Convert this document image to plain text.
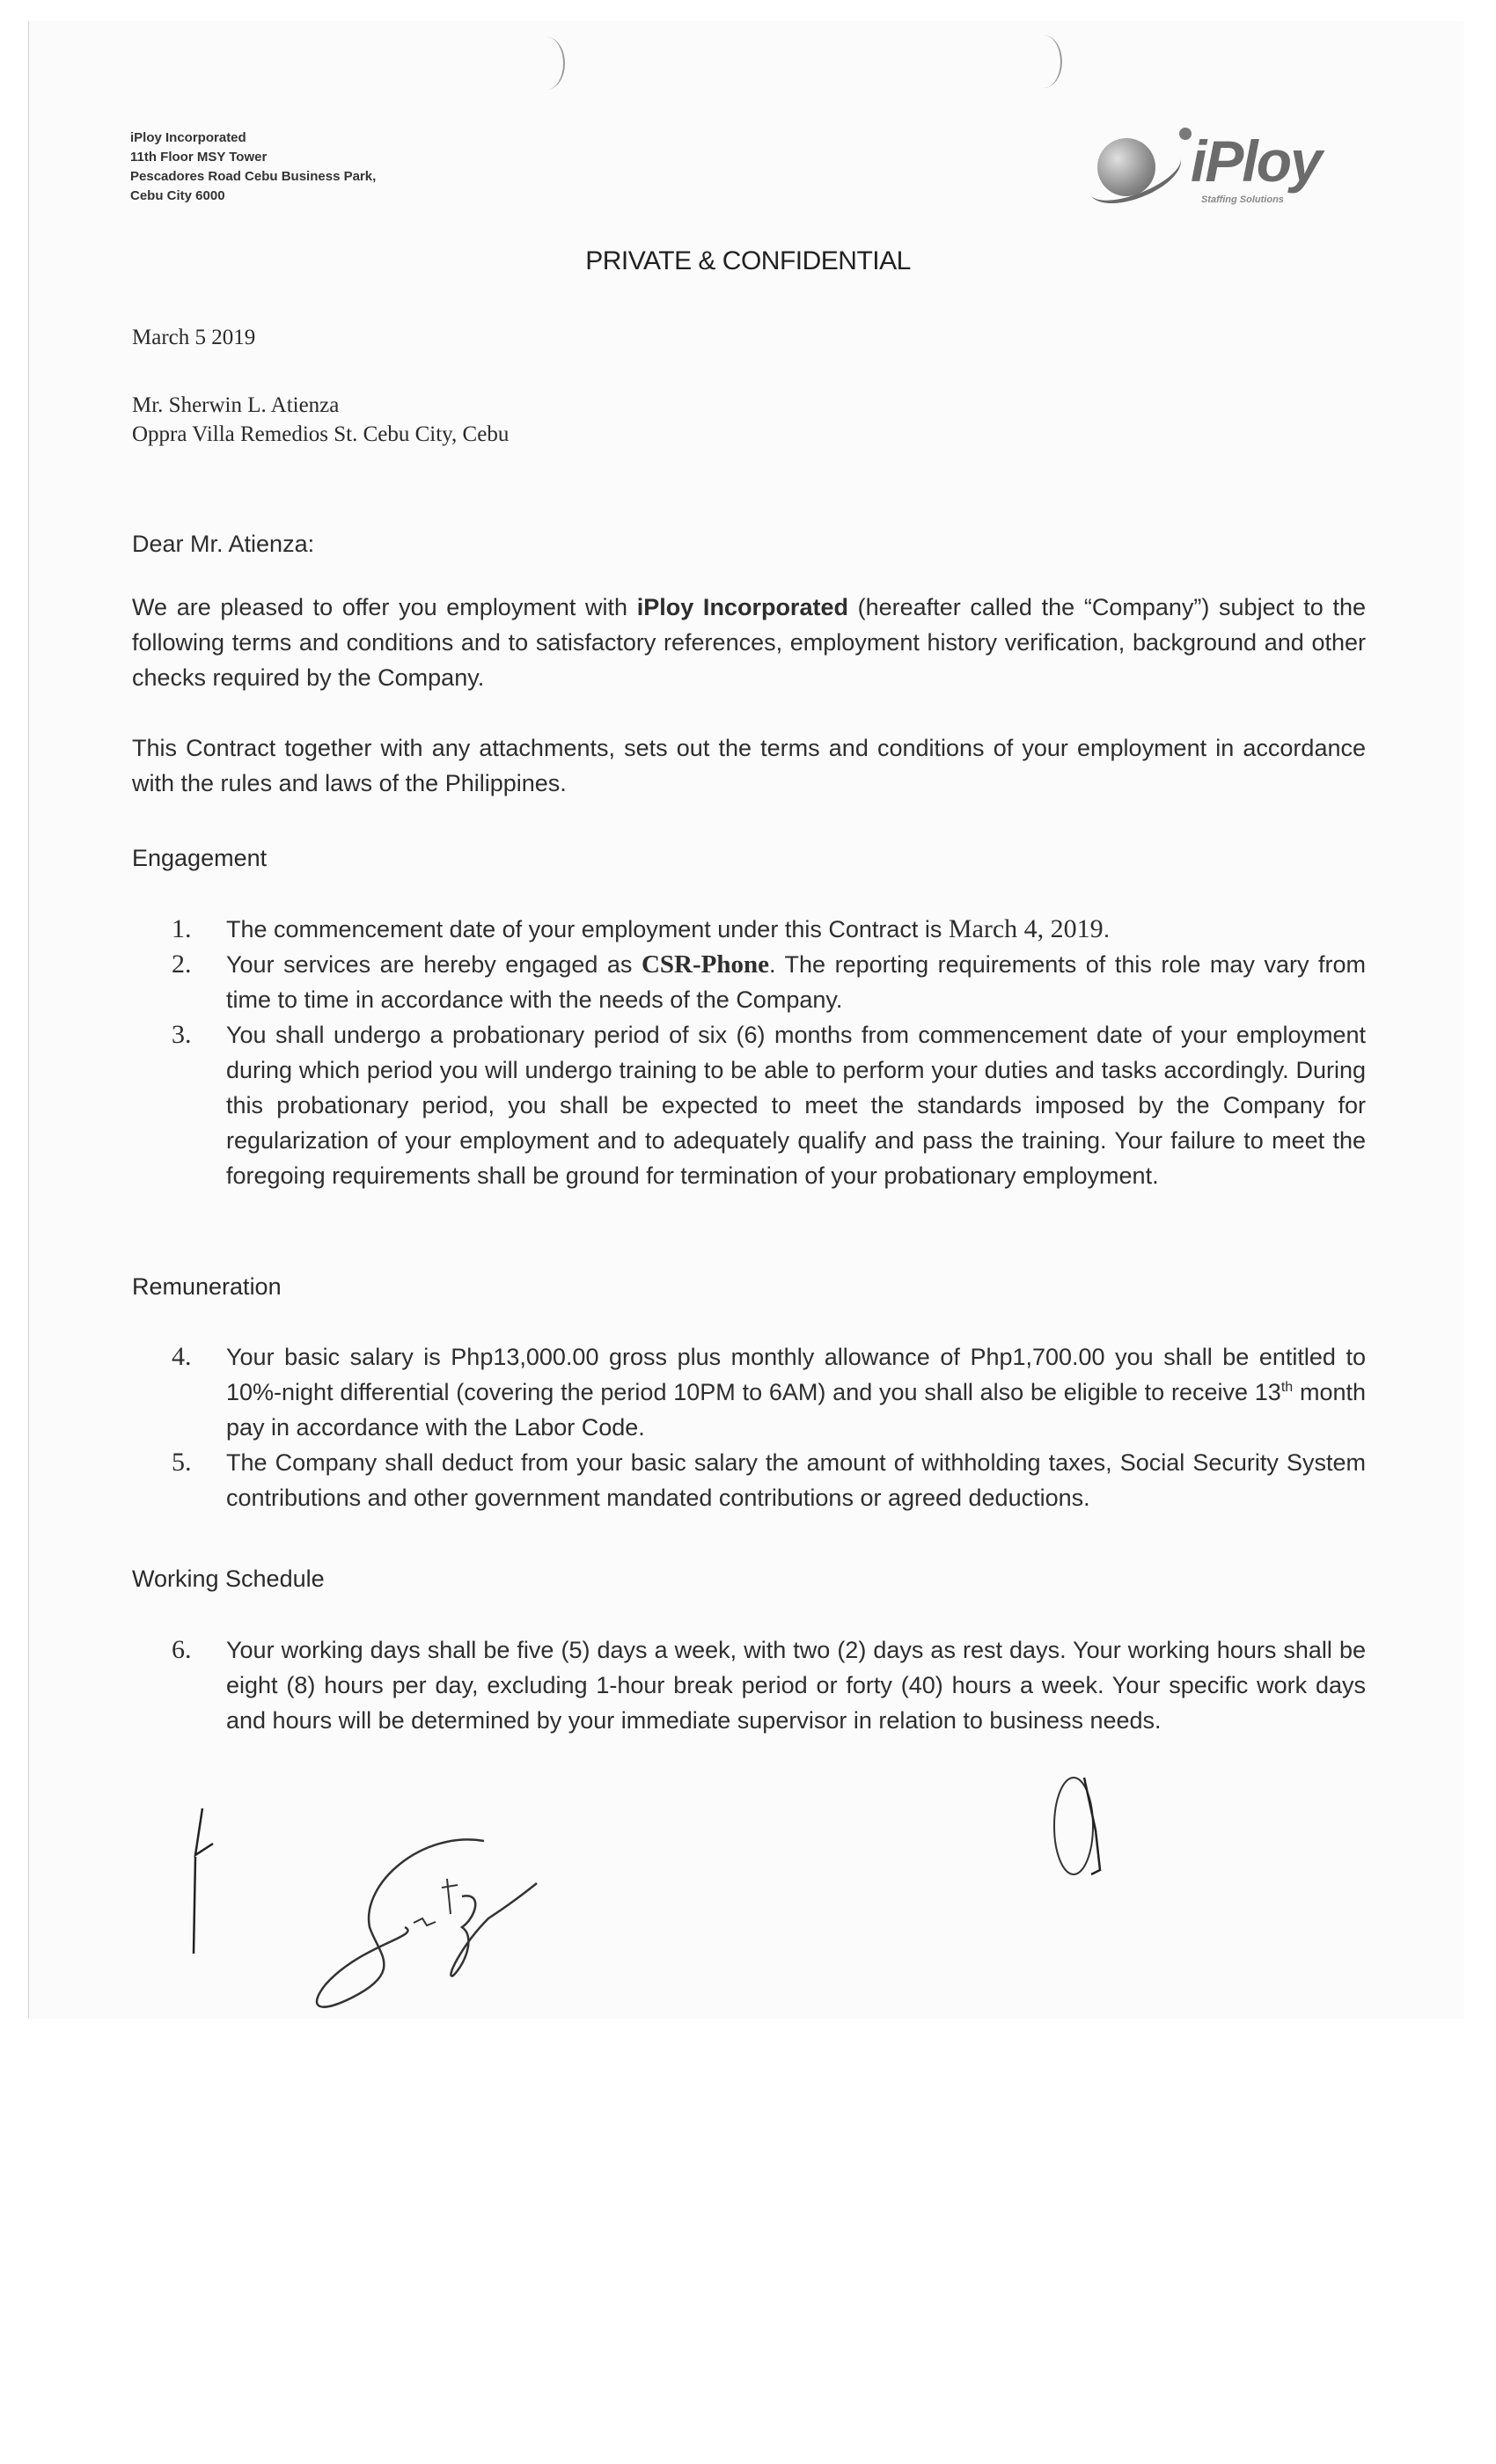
iPloy Incorporated
11th Floor MSY Tower
Pescadores Road Cebu Business Park,
Cebu City 6000
iPloy
Staffing Solutions
PRIVATE & CONFIDENTIAL
March 5 2019
Mr. Sherwin L. Atienza
Oppra Villa Remedios St. Cebu City, Cebu
Dear Mr. Atienza:
We are pleased to offer you employment with iPloy Incorporated (hereafter called the “Company”) subject to the following terms and conditions and to satisfactory references, employment history verification, background and other checks required by the Company.
This Contract together with any attachments, sets out the terms and conditions of your employment in accordance with the rules and laws of the Philippines.
Engagement
1.	The commencement date of your employment under this Contract is March 4, 2019.
2.	Your services are hereby engaged as CSR-Phone. The reporting requirements of this role may vary from time to time in accordance with the needs of the Company.
3.	You shall undergo a probationary period of six (6) months from commencement date of your employment during which period you will undergo training to be able to perform your duties and tasks accordingly. During this probationary period, you shall be expected to meet the standards imposed by the Company for regularization of your employment and to adequately qualify and pass the training. Your failure to meet the foregoing requirements shall be ground for termination of your probationary employment.
Remuneration
4.	Your basic salary is Php13,000.00 gross plus monthly allowance of Php1,700.00 you shall be entitled to 10%-night differential (covering the period 10PM to 6AM) and you shall also be eligible to receive 13th month pay in accordance with the Labor Code.
5.	The Company shall deduct from your basic salary the amount of withholding taxes, Social Security System contributions and other government mandated contributions or agreed deductions.
Working Schedule
6.	Your working days shall be five (5) days a week, with two (2) days as rest days. Your working hours shall be eight (8) hours per day, excluding 1-hour break period or forty (40) hours a week. Your specific work days and hours will be determined by your immediate supervisor in relation to business needs.
